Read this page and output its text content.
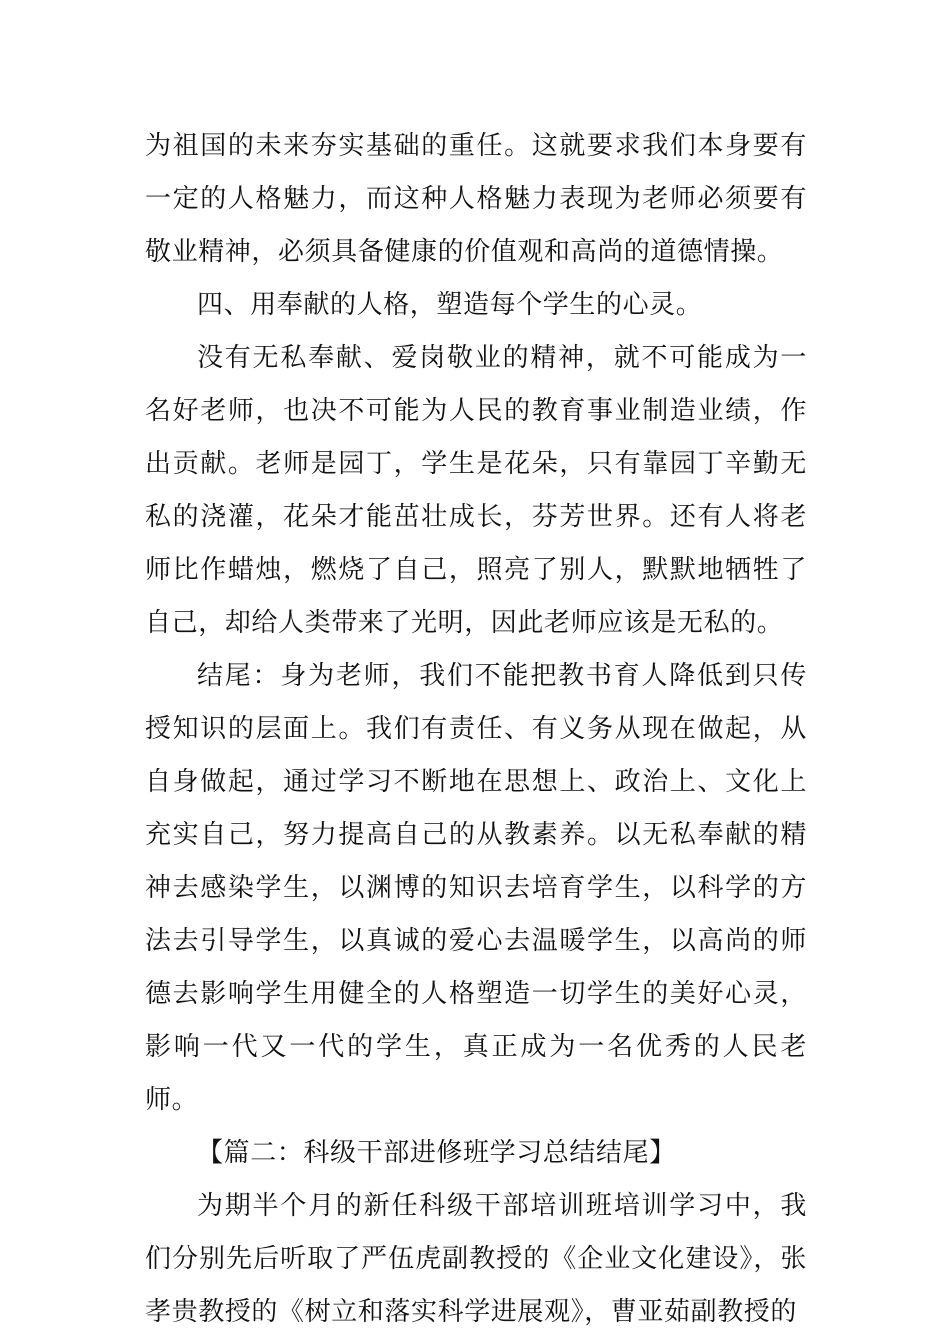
为祖国的未来夯实基础的重任。这就要求我们本身要有一定的人格魅力，而这种人格魅力表现为老师必须要有敬业精神，必须具备健康的价值观和高尚的道德情操。

四、用奉献的人格，塑造每个学生的心灵。

没有无私奉献、爱岗敬业的精神，就不可能成为一名好老师，也决不可能为人民的教育事业制造业绩，作出贡献。老师是园丁，学生是花朵，只有靠园丁辛勤无私的浇灌，花朵才能茁壮成长，芬芳世界。还有人将老师比作蜡烛，燃烧了自己，照亮了别人，默默地牺牲了自己，却给人类带来了光明，因此老师应该是无私的。

结尾：身为老师，我们不能把教书育人降低到只传授知识的层面上。我们有责任、有义务从现在做起，从自身做起，通过学习不断地在思想上、政治上、文化上充实自己，努力提高自己的从教素养。以无私奉献的精神去感染学生，以渊博的知识去培育学生，以科学的方法去引导学生，以真诚的爱心去温暖学生，以高尚的师德去影响学生用健全的人格塑造一切学生的美好心灵，影响一代又一代的学生，真正成为一名优秀的人民老师。

【篇二：科级干部进修班学习总结结尾】

为期半个月的新任科级干部培训班培训学习中，我们分别先后听取了严伍虎副教授的《企业文化建设》，张孝贵教授的《树立和落实科学进展观》，曹亚茹副教授的
